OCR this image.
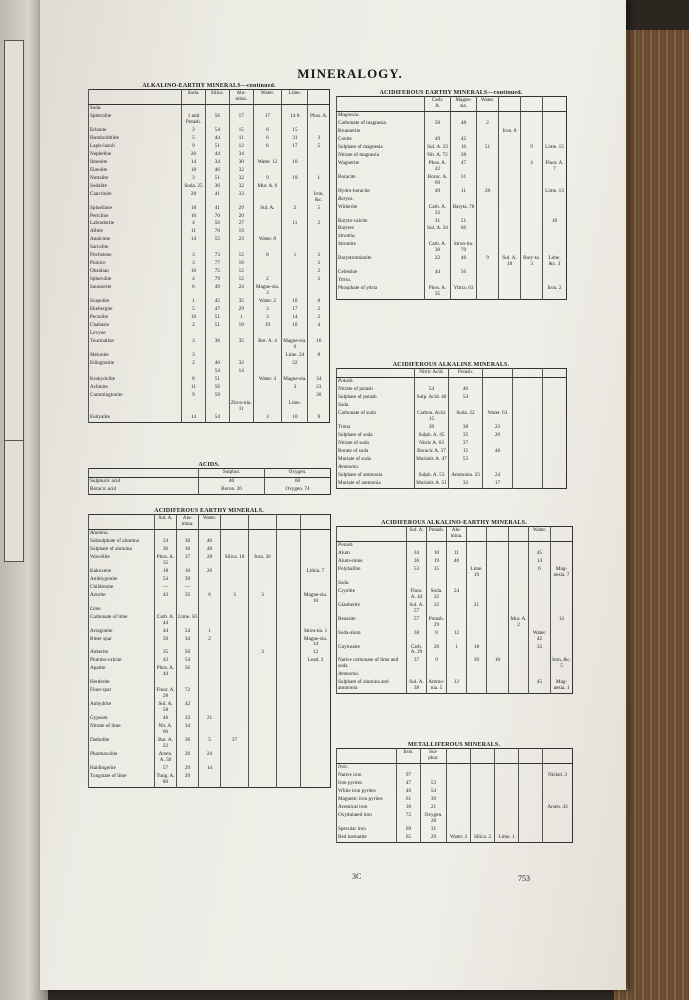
MINERALOGY.
ALKALINO-EARTHY MINERALS—continued.
	Soda.	Silica.	Alu-
mina.	Water.	Lime.	
Soda.						
Spherolite	1 and Potash.	56	17	17	14 8	Phos. A.
Erlanite	3	54	15	8	15	
Humboldtilite	5	44	11	6	31	3
Lapis-lazuli	9	51	12	6	17	5
Nepheline	20	44	34			
Ilmenite	14	34	30	Water. 12	10	
Elæolite	18	46	32			
Nuttalite	3	51	32	9	19	1
Sodalite	Soda. 25	36	32	Mur. A. 6		
Cancrinite	28	41	33			Iron, &c.
Spinellane	18	41	29	Sul. A.	2	5
Pericline	10	70	20			
Labradorite	4	56	27		11	2
Albite	11	70	19			
Analcime	14	55	23	Water. 8		
Sarcolite						
Pitchstone	3	73	12	8	1	3
Pumice	3	77	18			3
Obsidian	10	75	12			2
Spherulite	4	79	12	2		3
Saussurite	6	49	24	Magne-sia. 3		
Scapolite	1	45	35	Water. 2	10	8
Ekebergite	5	47	29	3	17	2
Pectolite	10	51	1	3	14	2
Chabasie	2	51	18	19	10	4
Levyne						
Tourmaline	3	36	35	Bor. A. 4	Magne-sia. 6	16
Meionite	3				Lime. 24	8
Edingtonite	2	40	32		22	
		54	14			
Krokydolite	8	51		Water. 4	Magne-sia.	34
Achmite	11	56			3	23
Cummingtonite	9	59				30
			Zirco-nia. 11		Lime.	
Eudyalite	14	54		3	10	8
ACIDS.
	Sulphur.	Oxygen.
Sulphuric acid	40	60
Boracic acid	Boron. 26	Oxygen. 74
ACIDIFEROUS EARTHY MINERALS.
	Sul. A.	Alu-
mina.	Water.				
Alumina.							
Subsulphate of alumina	24	30	46				
Sulphate of alumina	36	16	48				
Wavellite	Phos. A. 35	37	28	Silica. 10	Iron. 36		
Kakoxene	18	10	26				Lithia. 7
Amblygonite	54	39					
Childrenite	—	—					
Azurite	43	35	6	3	3		Magne-sia. 10
Lime.							
Carbonate of lime	Carb. A. 44	Lime. 56					
Arragonite	44	54	1				Stron-tia. 1
Bitter spar	50	34	2				Magne-sia. 14
Ankerite	35	50			3		12
Plumbo-calcite	43	54					Lead. 3
Apatite	Phos. A. 44	56					
Herderite							
Fluor spar	Fluor. A. 28	72					
Anhydrite	Sul. A. 58	42					
Gypsum	46	33	21				
Nitrate of lime	Nit. A. 66	34					
Datholite	Bor. A. 22	36	5	37			
Pharmacolite	Arsen. A. 50	26	24				
Haidingerite	57	29	14				
Tungstate of lime	Tung. A. 80	20					
ACIDIFEROUS EARTHY MINERALS—continued.
	Carb.
A.	Magne-
sia.	Water.			
Magnesia.						
Carbonate of magnesia	50	48	2			
Brunnerite				Iron. 8		
Conite	49	42				
Sulphate of magnesia	Sul. A. 33	16	51		9	Lime. 15
Nitrate of magnesia	Nit. A. 72	28				
Wagnerite	Phos. A. 42	47			4	Fluor. A. 7
Boracite	Borac. A. 69	31				
Hydro-boracite	49	11	28			Lime. 13
Baryta.						
Witherite	Carb. A. 22	Baryta. 78				
Baryto-calcite	31	51				18
Barytes	Sul. A. 34	66				
Strontia.						
Strontite	Carb. A. 30	Stron-tia. 70				
Barystrontianite	22	48	9	Sul. A. 18	Bary-ta. 3	Lime, &c. 3
Celestine	44	56				
Yttria.						
Phosphate of yttria	Phos. A. 35	Yttria. 63				Iron. 2
ACIDIFEROUS ALKALINE MINERALS.
	Nitric Acid.	Potash.			
Potash.					
Nitrate of potash	54	46			
Sulphate of potash	Sulp. Acid. 46	54			
Soda.					
Carbonate of soda	Carbon. Acid. 15	Soda. 22	Water. 63		
Trona	39	38	23		
Sulphate of soda	Sulph. A. 45	35	20		
Nitrate of soda	Nitric A. 63	37			
Borate of soda	Boracic A. 37	15	48		
Muriate of soda	Muriatic A. 47	53			
Ammonia.					
Sulphate of ammonia	Sulph. A. 53	Ammonia. 23	24		
Muriate of ammonia	Muriatic A. 51	32	17		
ACIDIFEROUS ALKALINO-EARTHY MINERALS.
	Sul. A.	Potash.	Alu-
mina.				Water.	
Potash.								
Alum	34	10	11				45	
Alum-stone	36	19	40				14	
Polyhallite	53	15		Lime. 19			6	Mag-nesia. 7
Soda.								
Cryolite	Fluor. A. 44	Soda. 32	24					
Glauberite	Sul. A. 57	22		21				
Reussite	57	Potash. 29				Mur. A. 2		12
Soda-alum	38	8	12				Water. 42	
Gaylussite	Carb. A. 29	20	1	18			32	
Native carbonate of lime and soda	37	9		39	10			Iron, &c. 5
Ammonia.								
Sulphate of alumina and ammonia	Sul. A. 38	Ammo-nia. 5	12				45	Mag-nesia. 1
METALLIFEROUS MINERALS.
	Iron.	Sul-
phur.					
Iron.							
Native iron	97						Nickel. 3
Iron pyrites	47	53					
White iron pyrites	46	54					
Magnetic iron pyrites	61	39					
Arsenical iron	36	21					Arsen. 43
Oxydulated iron	72	Oxygen. 28					
Specular iron	69	31					
Red hæmatite	65	29	Water. 3	Silica. 2	Lime. 1		
3C	753
